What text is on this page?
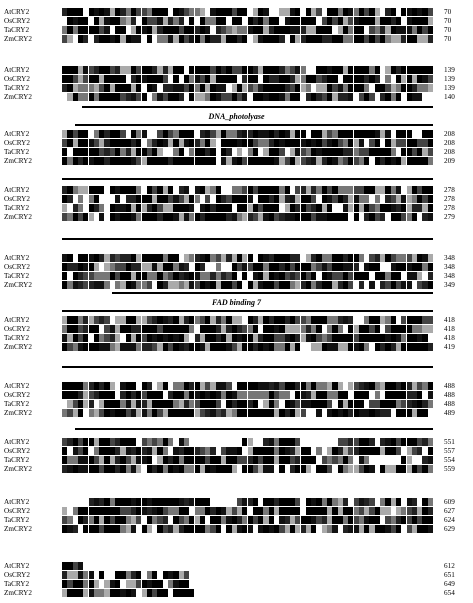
AtCRY2	70
OsCRY2	70
TaCRY2	70
ZmCRY2	70
AtCRY2	139
OsCRY2	139
TaCRY2	139
ZmCRY2	140
DNA_photolyase
AtCRY2	208
OsCRY2	208
TaCRY2	208
ZmCRY2	209
AtCRY2	278
OsCRY2	278
TaCRY2	278
ZmCRY2	279
AtCRY2	348
OsCRY2	348
TaCRY2	348
ZmCRY2	349
FAD binding 7
AtCRY2	418
OsCRY2	418
TaCRY2	418
ZmCRY2	419
AtCRY2	488
OsCRY2	488
TaCRY2	488
ZmCRY2	489
AtCRY2	551
OsCRY2	557
TaCRY2	554
ZmCRY2	559
AtCRY2	609
OsCRY2	627
TaCRY2	624
ZmCRY2	629
AtCRY2	612
OsCRY2	651
TaCRY2	649
ZmCRY2	654
